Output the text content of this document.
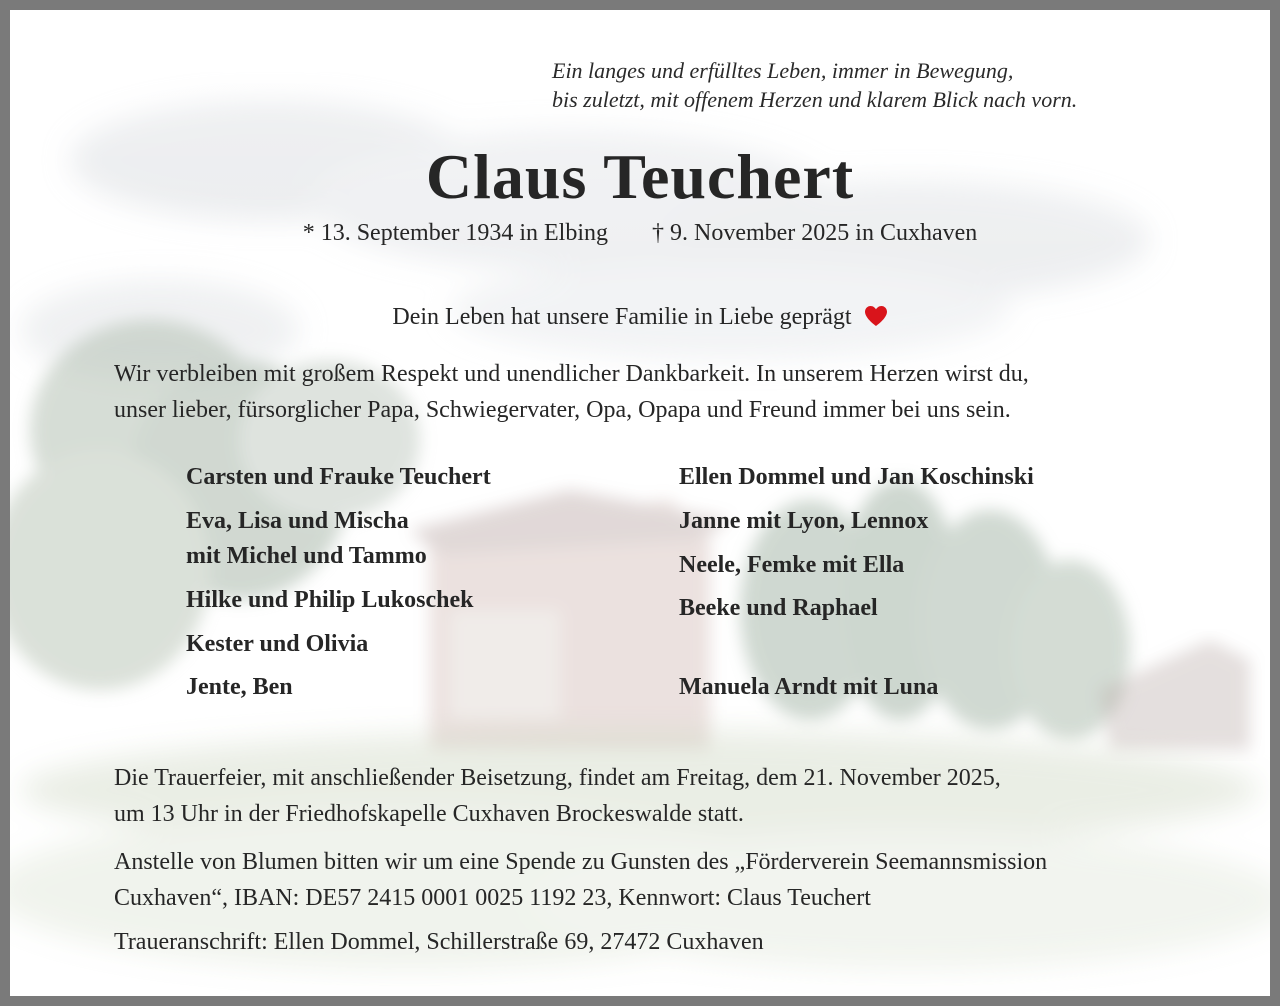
Ein langes und erfülltes Leben, immer in Bewegung,
bis zuletzt, mit offenem Herzen und klarem Blick nach vorn.
Claus Teuchert
* 13. September 1934 in Elbing † 9. November 2025 in Cuxhaven
Dein Leben hat unsere Familie in Liebe geprägt
Wir verbleiben mit großem Respekt und unendlicher Dankbarkeit. In unserem Herzen wirst du,
unser lieber, fürsorglicher Papa, Schwiegervater, Opa, Opapa und Freund immer bei uns sein.
Carsten und Frauke Teuchert
Eva, Lisa und Mischa
mit Michel und Tammo
Hilke und Philip Lukoschek
Kester und Olivia
Jente, Ben
Ellen Dommel und Jan Koschinski
Janne mit Lyon, Lennox
Neele, Femke mit Ella
Beeke und Raphael
Manuela Arndt mit Luna
Die Trauerfeier, mit anschließender Beisetzung, findet am Freitag, dem 21. November 2025,
um 13 Uhr in der Friedhofskapelle Cuxhaven Brockeswalde statt.
Anstelle von Blumen bitten wir um eine Spende zu Gunsten des „Förderverein Seemannsmission
Cuxhaven“, IBAN: DE57 2415 0001 0025 1192 23, Kennwort: Claus Teuchert
Traueranschrift: Ellen Dommel, Schillerstraße 69, 27472 Cuxhaven
